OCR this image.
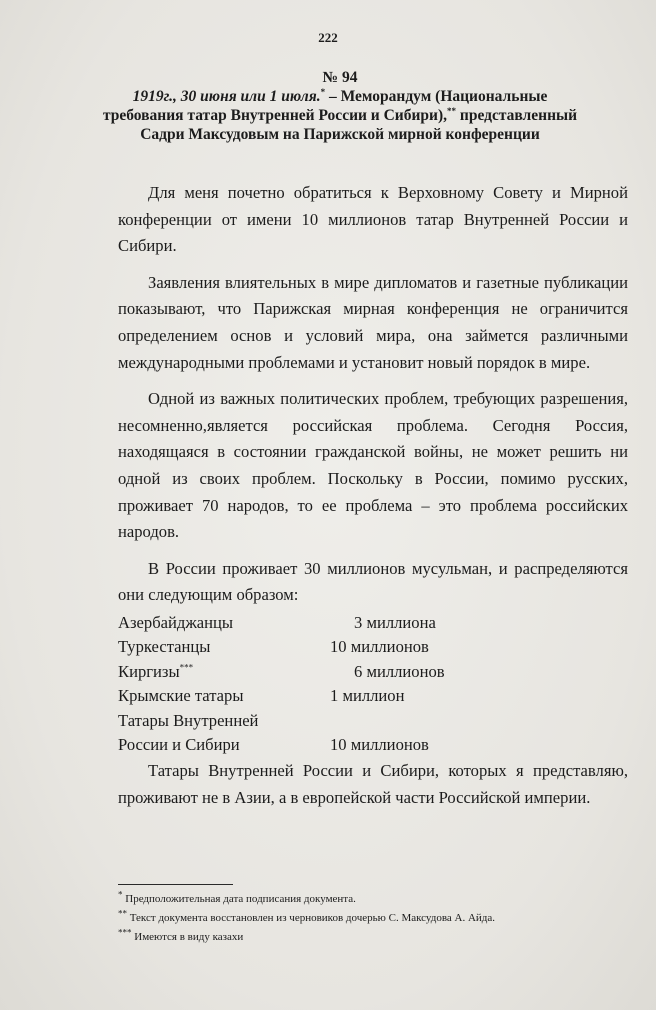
222
№ 94
1919г., 30 июня или 1 июля.* – Меморандум (Национальные требования татар Внутренней России и Сибири),** представленный Садри Максудовым на Парижской мирной конференции

Для меня почетно обратиться к Верховному Совету и Мирной конференции от имени 10 миллионов татар Внутренней России и Сибири.

Заявления влиятельных в мире дипломатов и газетные публикации показывают, что Парижская мирная конференция не ограничится определением основ и условий мира, она займется различными международными проблемами и установит новый порядок в мире.

Одной из важных политических проблем, требующих разрешения, несомненно,является российская проблема. Сегодня Россия, находящаяся в состоянии гражданской войны, не может решить ни одной из своих проблем. Поскольку в России, помимо русских, проживает 70 народов, то ее проблема – это проблема российских народов.

В России проживает 30 миллионов мусульман, и распределяются они следующим образом:

Азербайджанцы	3 миллиона
Туркестанцы	10 миллионов
Киргизы***	6 миллионов
Крымские татары	1 миллион
Татары Внутренней
России и Сибири	10 миллионов

Татары Внутренней России и Сибири, которых я представляю, проживают не в Азии, а в европейской части Российской империи.

* Предположительная дата подписания документа.
** Текст документа восстановлен из черновиков дочерью С. Максудова А. Айда.
*** Имеются в виду казахи
